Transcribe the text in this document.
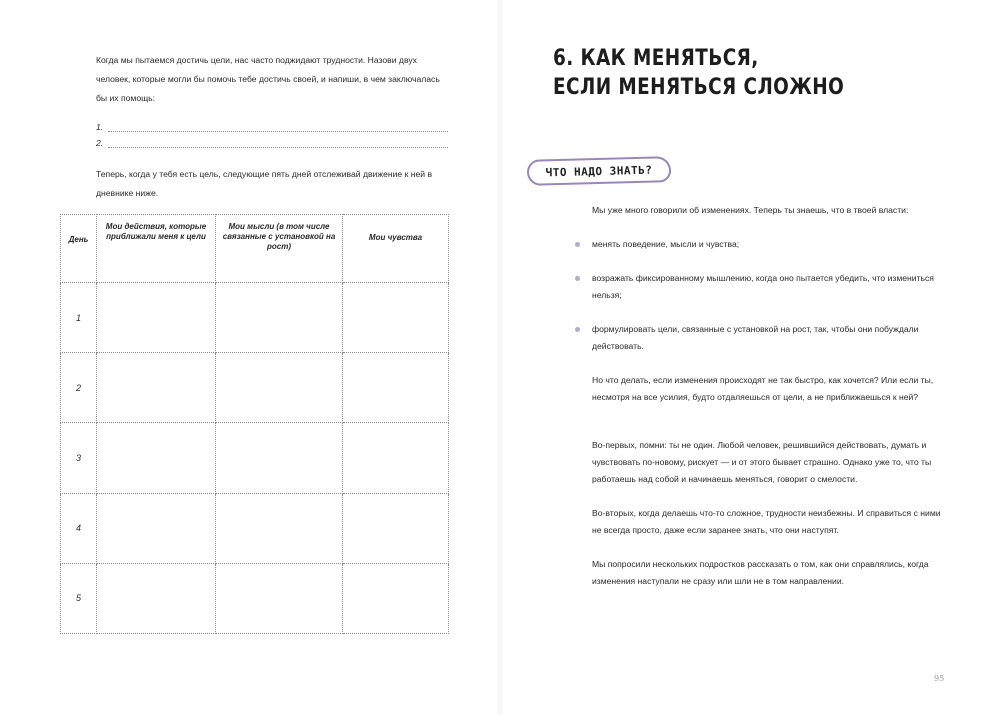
Когда мы пытаемся достичь цели, нас часто поджидают трудности. Назови двух человек, которые могли бы помочь тебе достичь своей, и напиши, в чем заключалась бы их помощь:

1.
2.

Теперь, когда у тебя есть цель, следующие пять дней отслеживай движение к ней в дневнике ниже.

День	Мои действия, которые приближали меня к цели	Мои мысли (в том числе связанные с установкой на рост)	Мои чувства
1			
2			
3			
4			
5			
6. КАК МЕНЯТЬСЯ,
ЕСЛИ МЕНЯТЬСЯ СЛОЖНО
ЧТО НАДО ЗНАТЬ?

Мы уже много говорили об изменениях. Теперь ты знаешь, что в твоей власти:

менять поведение, мысли и чувства;
возражать фиксированному мышлению, когда оно пытается убедить, что измениться нельзя;
формулировать цели, связанные с установкой на рост, так, чтобы они побуждали действовать.

Но что делать, если изменения происходят не так быстро, как хочется? Или если ты, несмотря на все усилия, будто отдаляешься от цели, а не приближаешься к ней?

Во-первых, помни: ты не один. Любой человек, решившийся действовать, думать и чувствовать по-новому, рискует — и от этого бывает страшно. Однако уже то, что ты работаешь над собой и начинаешь меняться, говорит о смелости.

Во-вторых, когда делаешь что-то сложное, трудности неизбежны. И справиться с ними не всегда просто, даже если заранее знать, что они наступят.

Мы попросили нескольких подростков рассказать о том, как они справлялись, когда изменения наступали не сразу или шли не в том направлении.

95
